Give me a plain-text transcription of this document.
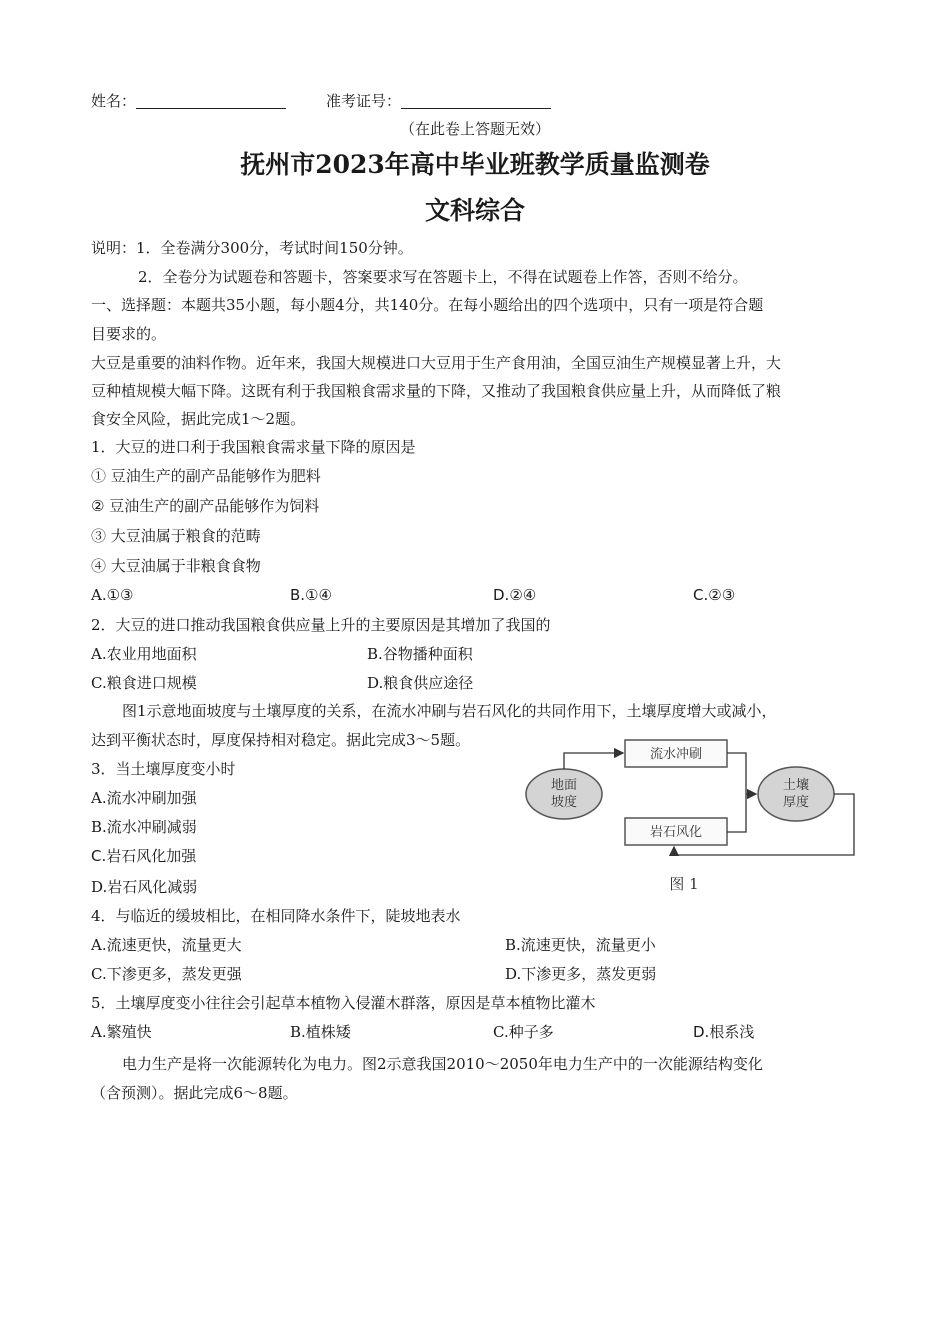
姓名：	准考证号：
（在此卷上答题无效）
抚州市2023年高中毕业班教学质量监测卷
文科综合
说明：1．全卷满分300分，考试时间150分钟。
2．全卷分为试题卷和答题卡，答案要求写在答题卡上，不得在试题卷上作答，否则不给分。
一、选择题：本题共35小题，每小题4分，共140分。在每小题给出的四个选项中，只有一项是符合题
目要求的。
大豆是重要的油料作物。近年来，我国大规模进口大豆用于生产食用油，全国豆油生产规模显著上升，大
豆种植规模大幅下降。这既有利于我国粮食需求量的下降，又推动了我国粮食供应量上升，从而降低了粮
食安全风险，据此完成1～2题。
1．大豆的进口利于我国粮食需求量下降的原因是
① 豆油生产的副产品能够作为肥料
② 豆油生产的副产品能够作为饲料
③ 大豆油属于粮食的范畴
④ 大豆油属于非粮食食物
A.①③	B.①④	D.②④	C.②③
2．大豆的进口推动我国粮食供应量上升的主要原因是其增加了我国的
A.农业用地面积	B.谷物播种面积
C.粮食进口规模	D.粮食供应途径
图1示意地面坡度与土壤厚度的关系，在流水冲刷与岩石风化的共同作用下，土壤厚度增大或减小，
达到平衡状态时，厚度保持相对稳定。据此完成3～5题。
3．当土壤厚度变小时
A.流水冲刷加强
B.流水冲刷减弱
C.岩石风化加强
D.岩石风化减弱
地面
坡度
流水冲刷
岩石风化
土壤
厚度
图 1
4．与临近的缓坡相比，在相同降水条件下，陡坡地表水
A.流速更快，流量更大	B.流速更快，流量更小
C.下渗更多，蒸发更强	D.下渗更多，蒸发更弱
5．土壤厚度变小往往会引起草本植物入侵灌木群落，原因是草本植物比灌木
A.繁殖快	B.植株矮	C.种子多	D.根系浅
电力生产是将一次能源转化为电力。图2示意我国2010～2050年电力生产中的一次能源结构变化
（含预测）。据此完成6～8题。
